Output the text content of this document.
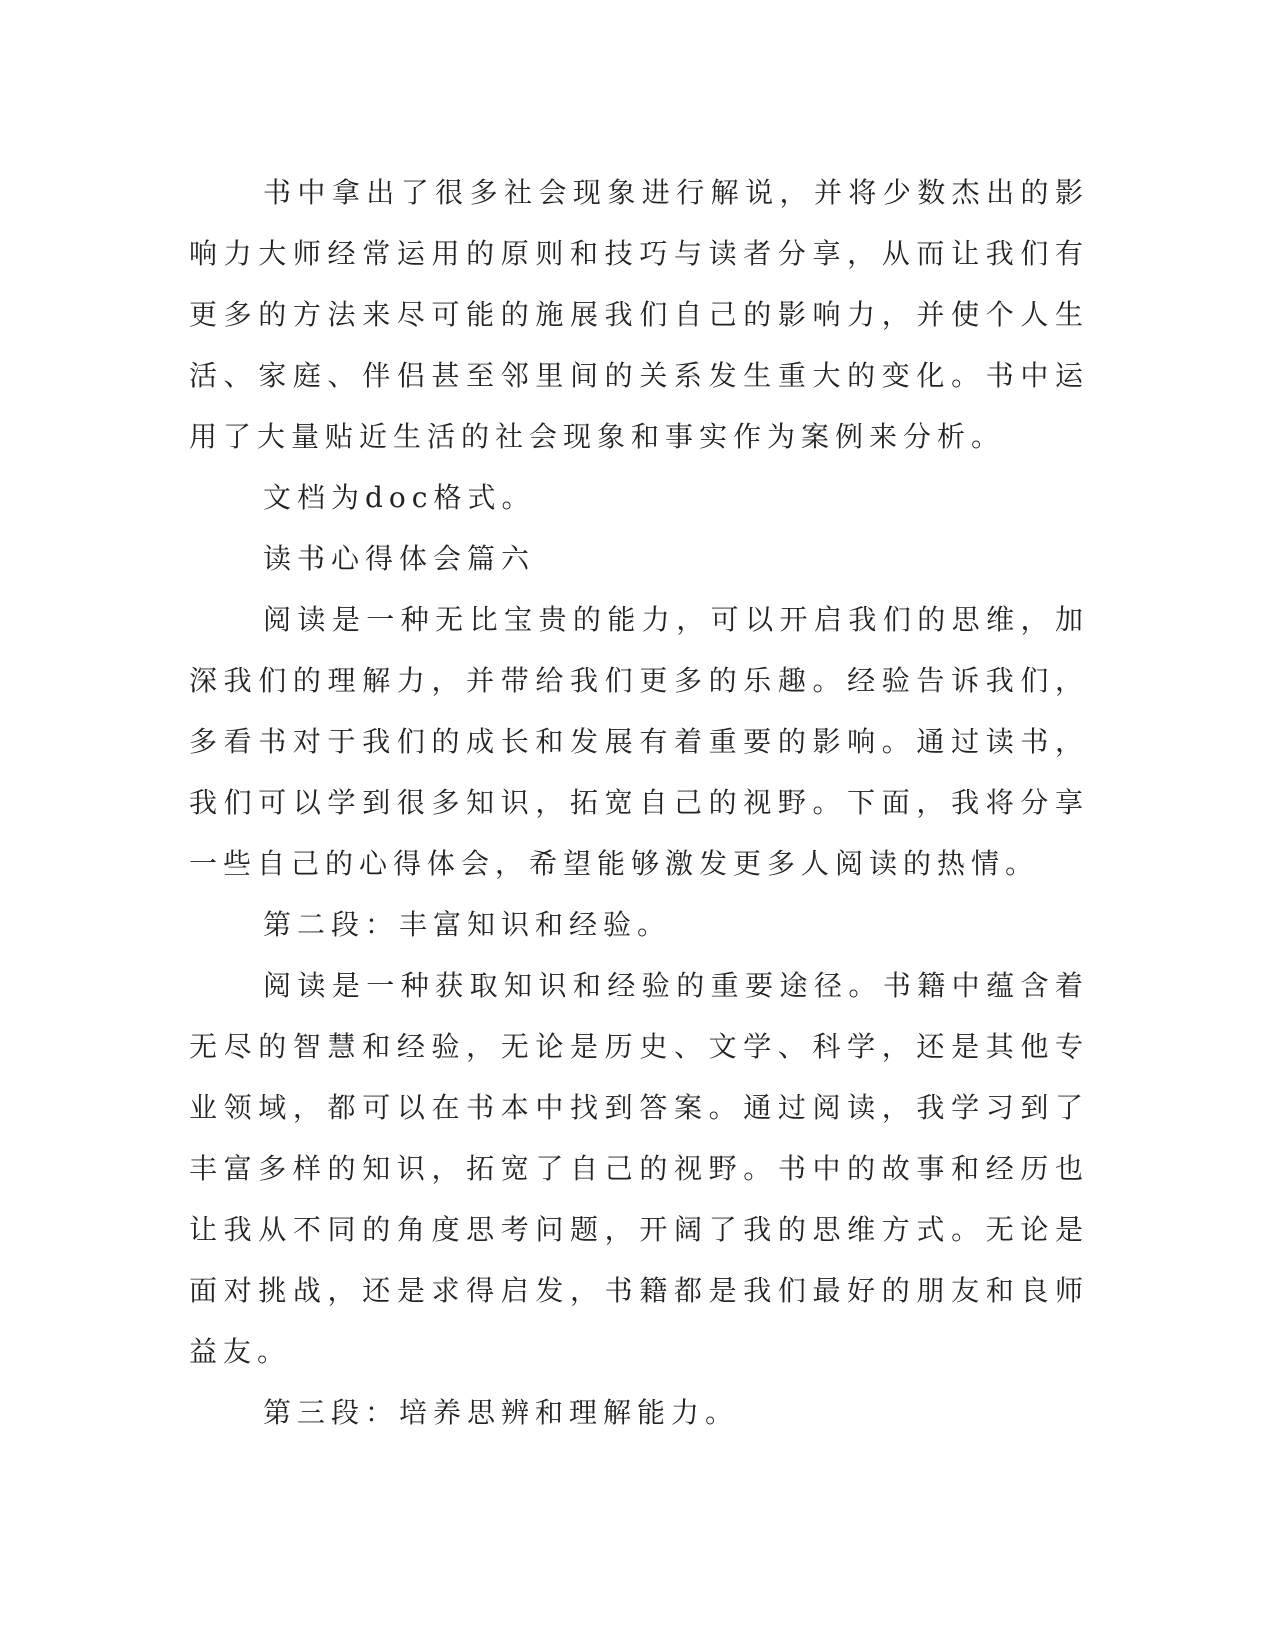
书中拿出了很多社会现象进行解说，并将少数杰出的影响力大师经常运用的原则和技巧与读者分享，从而让我们有更多的方法来尽可能的施展我们自己的影响力，并使个人生活、家庭、伴侣甚至邻里间的关系发生重大的变化。书中运用了大量贴近生活的社会现象和事实作为案例来分析。

文档为doc格式。

读书心得体会篇六

阅读是一种无比宝贵的能力，可以开启我们的思维，加深我们的理解力，并带给我们更多的乐趣。经验告诉我们，多看书对于我们的成长和发展有着重要的影响。通过读书，我们可以学到很多知识，拓宽自己的视野。下面，我将分享一些自己的心得体会，希望能够激发更多人阅读的热情。

第二段：丰富知识和经验。

阅读是一种获取知识和经验的重要途径。书籍中蕴含着无尽的智慧和经验，无论是历史、文学、科学，还是其他专业领域，都可以在书本中找到答案。通过阅读，我学习到了丰富多样的知识，拓宽了自己的视野。书中的故事和经历也让我从不同的角度思考问题，开阔了我的思维方式。无论是面对挑战，还是求得启发，书籍都是我们最好的朋友和良师益友。

第三段：培养思辨和理解能力。
